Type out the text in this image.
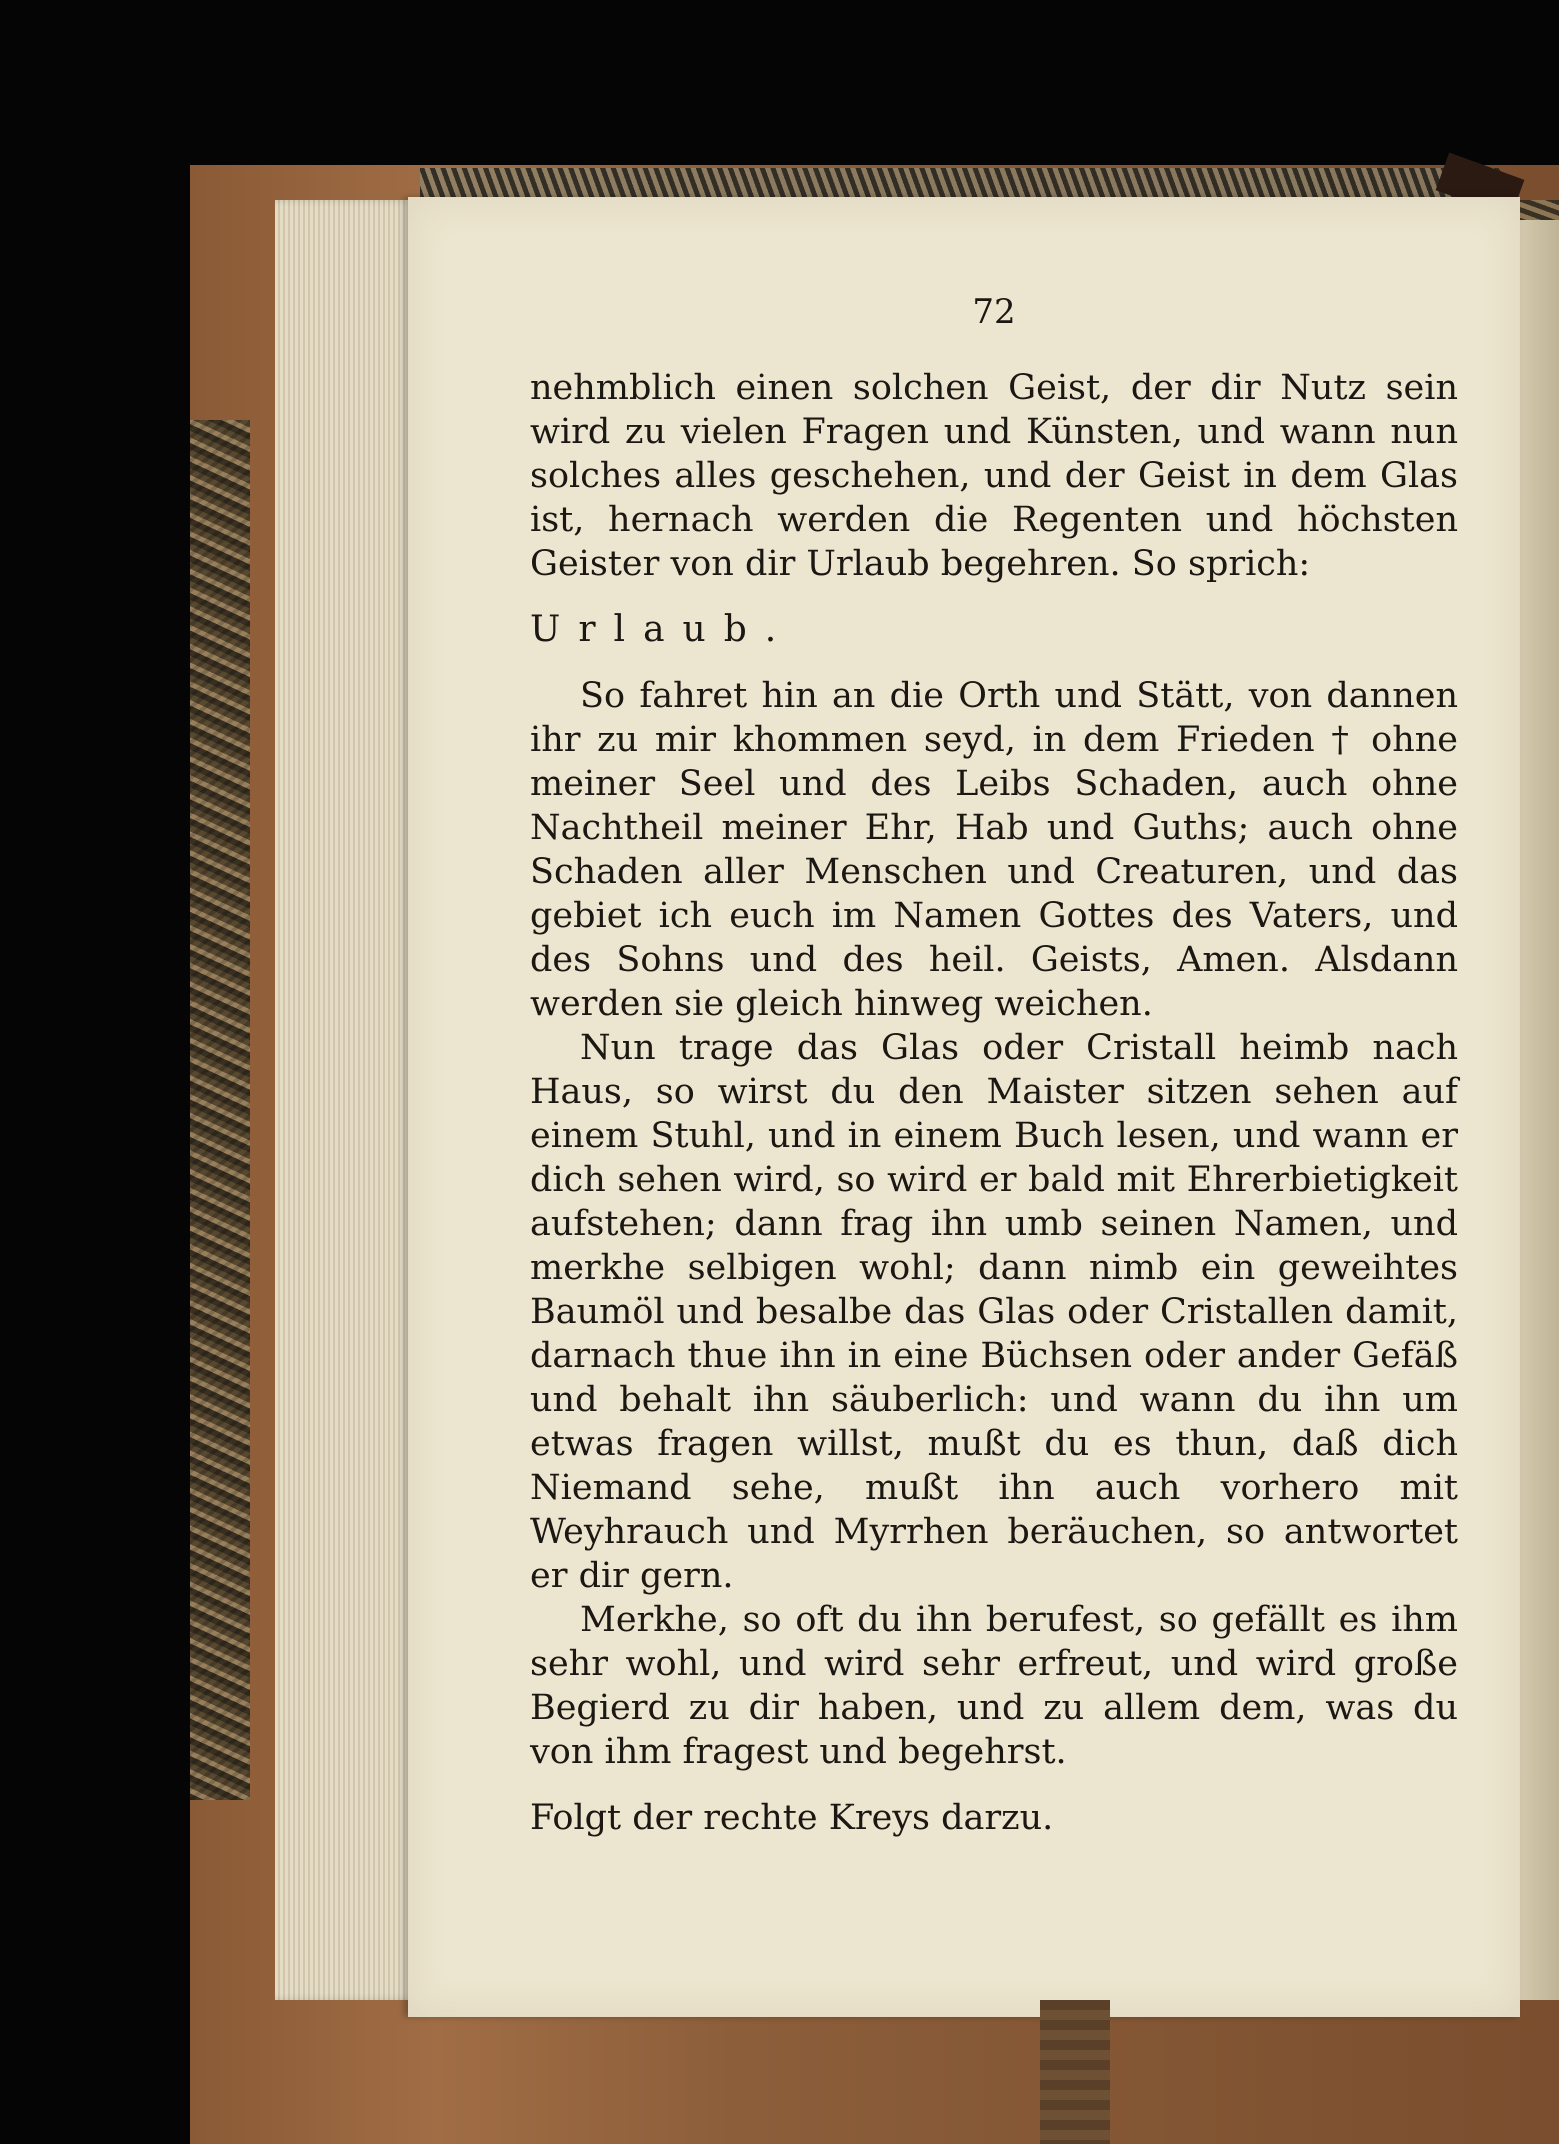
72

nehmblich einen solchen Geist, der dir Nutz sein wird zu vielen Fragen und Künsten, und wann nun solches alles geschehen, und der Geist in dem Glas ist, hernach werden die Regenten und höchsten Geister von dir Urlaub begehren. So sprich:

Urlaub.

So fahret hin an die Orth und Stätt, von dannen ihr zu mir khommen seyd, in dem Frieden † ohne meiner Seel und des Leibs Schaden, auch ohne Nachtheil meiner Ehr, Hab und Guths; auch ohne Schaden aller Menschen und Creaturen, und das gebiet ich euch im Namen Gottes des Vaters, und des Sohns und des heil. Geists, Amen. Alsdann werden sie gleich hinweg weichen.

Nun trage das Glas oder Cristall heimb nach Haus, so wirst du den Maister sitzen sehen auf einem Stuhl, und in einem Buch lesen, und wann er dich sehen wird, so wird er bald mit Ehrerbietigkeit aufstehen; dann frag ihn umb seinen Namen, und merkhe selbigen wohl; dann nimb ein geweihtes Baumöl und besalbe das Glas oder Cristallen damit, darnach thue ihn in eine Büchsen oder ander Gefäß und behalt ihn säuberlich: und wann du ihn um etwas fragen willst, mußt du es thun, daß dich Niemand sehe, mußt ihn auch vorhero mit Weyhrauch und Myrrhen beräuchen, so antwortet er dir gern.

Merkhe, so oft du ihn berufest, so gefällt es ihm sehr wohl, und wird sehr erfreut, und wird große Begierd zu dir haben, und zu allem dem, was du von ihm fragest und begehrst.

Folgt der rechte Kreys darzu.
